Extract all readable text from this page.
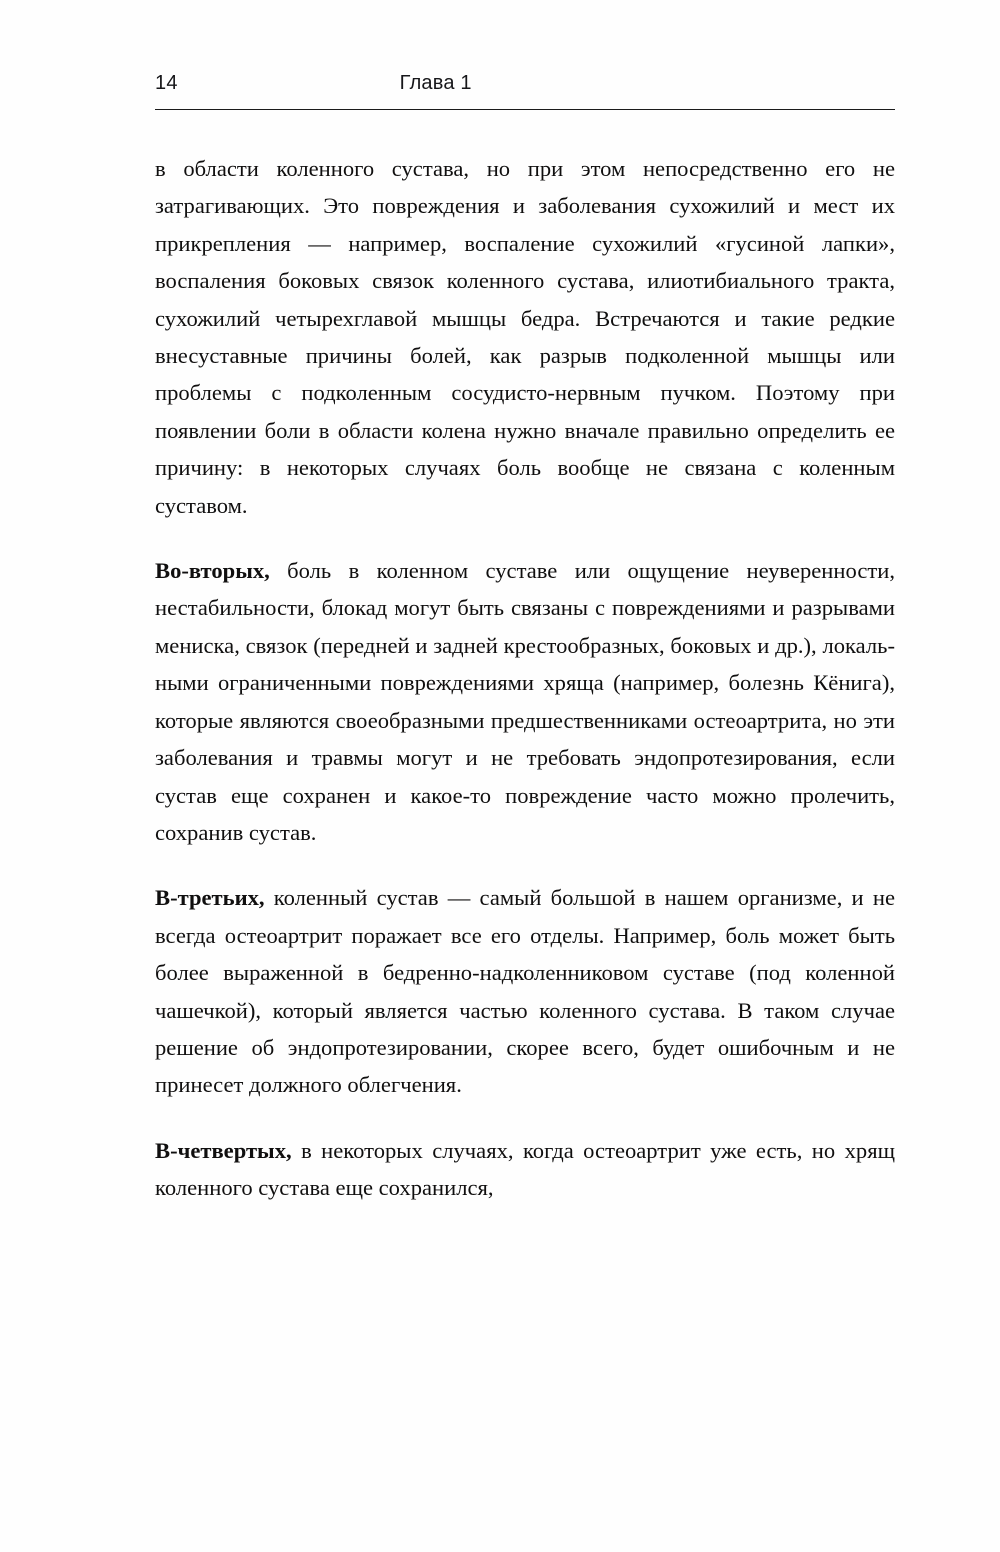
14	Глава 1

в области коленного сустава, но при этом непосредственно его не затрагивающих. Это повреждения и заболевания сухожилий и мест их прикрепления — например, воспаление сухожилий «гусиной лапки», воспаления боковых связок коленного сустава, илиотибиального тракта, сухожилий четырехглавой мышцы бедра. Встречаются и такие редкие внесуставные причины болей, как разрыв подколенной мышцы или проблемы с подколенным сосудисто-нервным пучком. Поэтому при появлении боли в области колена нужно вначале правильно определить ее причину: в некоторых случаях боль вообще не связана с коленным суставом.

Во-вторых, боль в коленном суставе или ощущение неуверенности, нестабильности, блокад могут быть связаны с повреждениями и разрывами мениска, связок (передней и задней крестообразных, боковых и др.), локальными ограниченными повреждениями хряща (например, болезнь Кёнига), которые являются своеобразными предшественниками остеоартрита, но эти заболевания и травмы могут и не требовать эндопротезирования, если сустав еще сохранен и какое-то повреждение часто можно пролечить, сохранив сустав.

В-третьих, коленный сустав — самый большой в нашем организме, и не всегда остеоартрит поражает все его отделы. Например, боль может быть более выраженной в бедренно-надколенниковом суставе (под коленной чашечкой), который является частью коленного сустава. В таком случае решение об эндопротезировании, скорее всего, будет ошибочным и не принесет должного облегчения.

В-четвертых, в некоторых случаях, когда остеоартрит уже есть, но хрящ коленного сустава еще сохранился,
